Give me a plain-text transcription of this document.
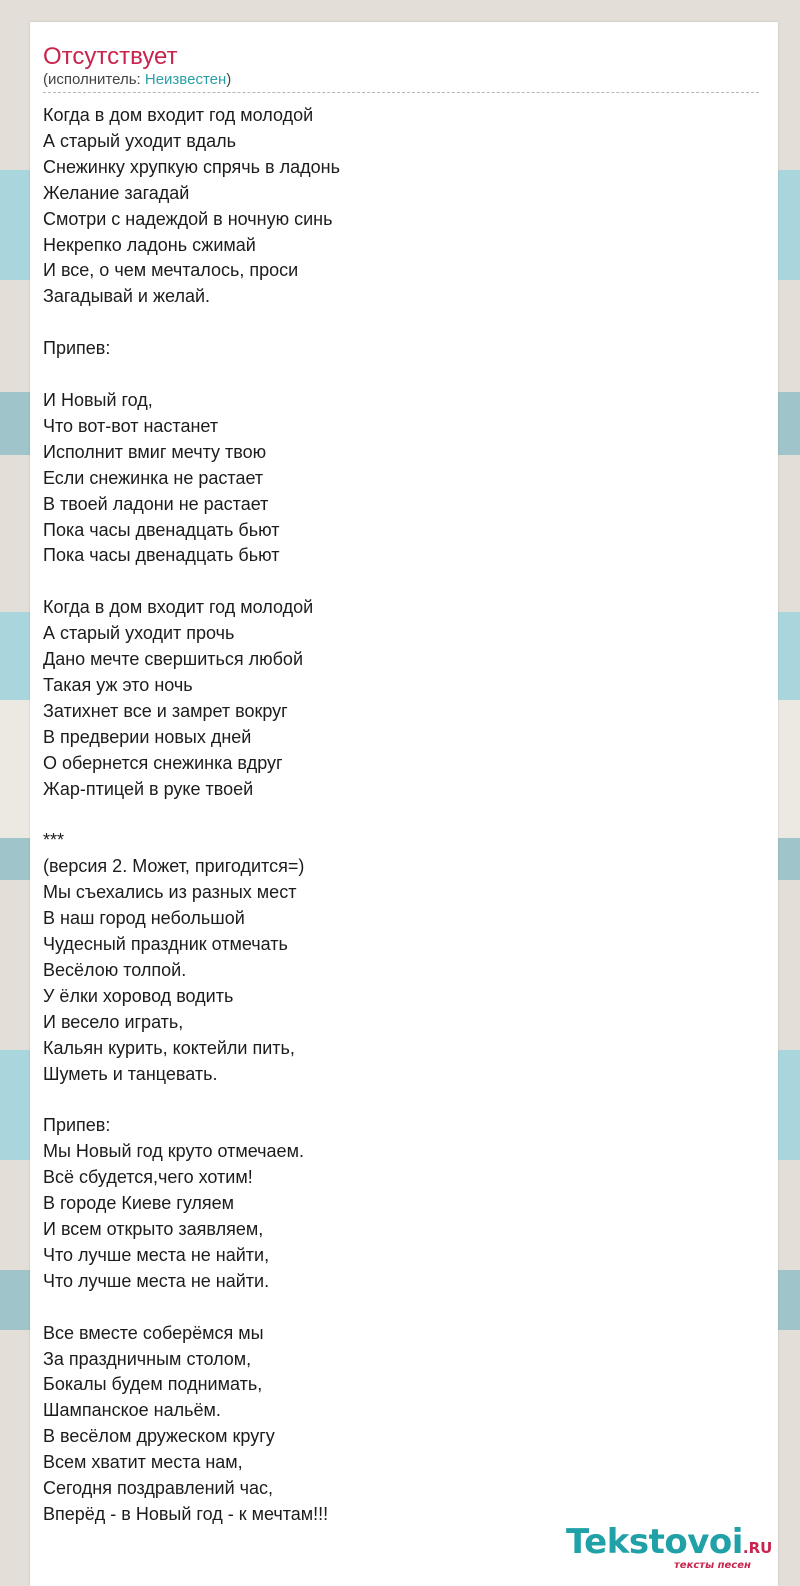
Отсутствует
(исполнитель: Неизвестен)
Когда в дом входит год молодой
А старый уходит вдаль
Снежинку хрупкую спрячь в ладонь
Желание загадай
Смотри с надеждой в ночную синь
Некрепко ладонь сжимай
И все, о чем мечталось, проси
Загадывай и желай.

Припев:

И Новый год,
Что вот-вот настанет
Исполнит вмиг мечту твою
Если снежинка не растает
В твоей ладони не растает
Пока часы двенадцать бьют
Пока часы двенадцать бьют

Когда в дом входит год молодой
А старый уходит прочь
Дано мечте свершиться любой
Такая уж это ночь
Затихнет все и замрет вокруг
В предверии новых дней
О обернется снежинка вдруг
Жар-птицей в руке твоей

***
(версия 2. Может, пригодится=)
Мы съехались из разных мест
В наш город небольшой
Чудесный праздник отмечать
Весёлою толпой.
У ёлки хоровод водить
И весело играть,
Кальян курить, коктейли пить,
Шуметь и танцевать.

Припев:
Мы Новый год круто отмечаем.
Всё сбудется,чего хотим!
В городе Киеве гуляем
И всем открыто заявляем,
Что лучше места не найти,
Что лучше места не найти.

Все вместе соберёмся мы
За праздничным столом,
Бокалы будем поднимать,
Шампанское нальём.
В весёлом дружеском кругу
Всем хватит места нам,
Сегодня поздравлений час,
Вперёд - в Новый год - к мечтам!!!
Tekstovoi.RU
тексты песен
